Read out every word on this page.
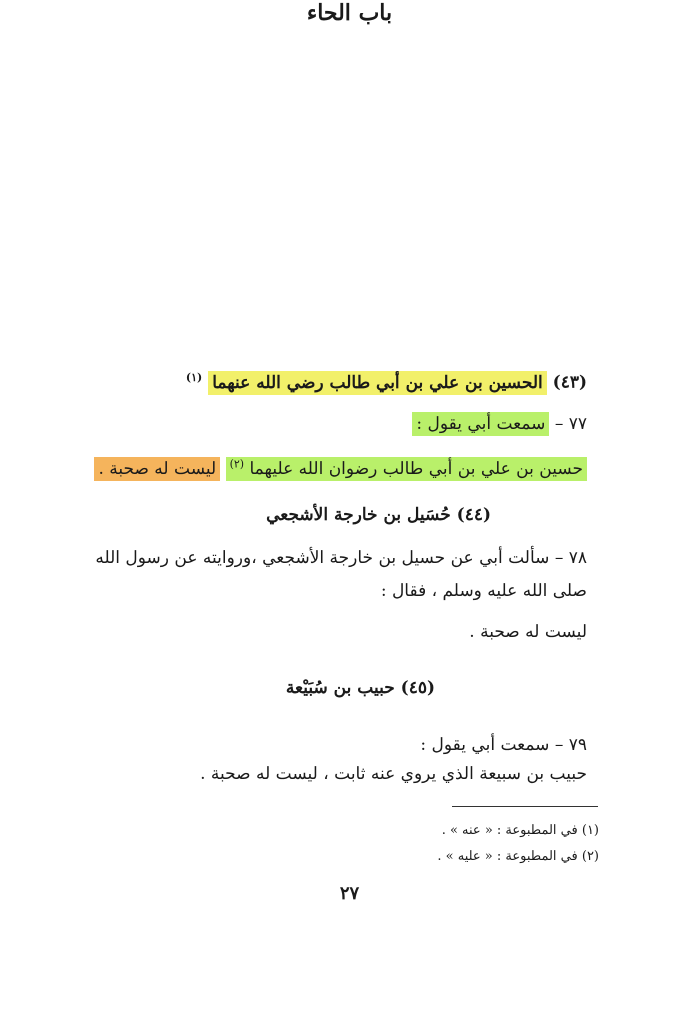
باب الحاء
(٤٣) الحسين بن علي بن أبي طالب رضي الله عنهما $^{(١)}$
٧٧ – سمعت أبي يقول :
حسين بن علي بن أبي طالب رضوان الله عليهما $^{(٢)}$ ليست له صحبة .
(٤٤) حُسَيل بن خارجة الأشجعي
٧٨ – سألت أبي عن حسيل بن خارجة الأشجعي ،وروايته عن رسول الله
صلى الله عليه وسلم ، فقال :
ليست له صحبة .
(٤٥) حبيب بن سُبَيْعة
٧٩ – سمعت أبي يقول :
حبيب بن سبيعة الذي يروي عنه ثابت ، ليست له صحبة .
(١) في المطبوعة : « عنه » .
(٢) في المطبوعة : « عليه » .
٢٧
